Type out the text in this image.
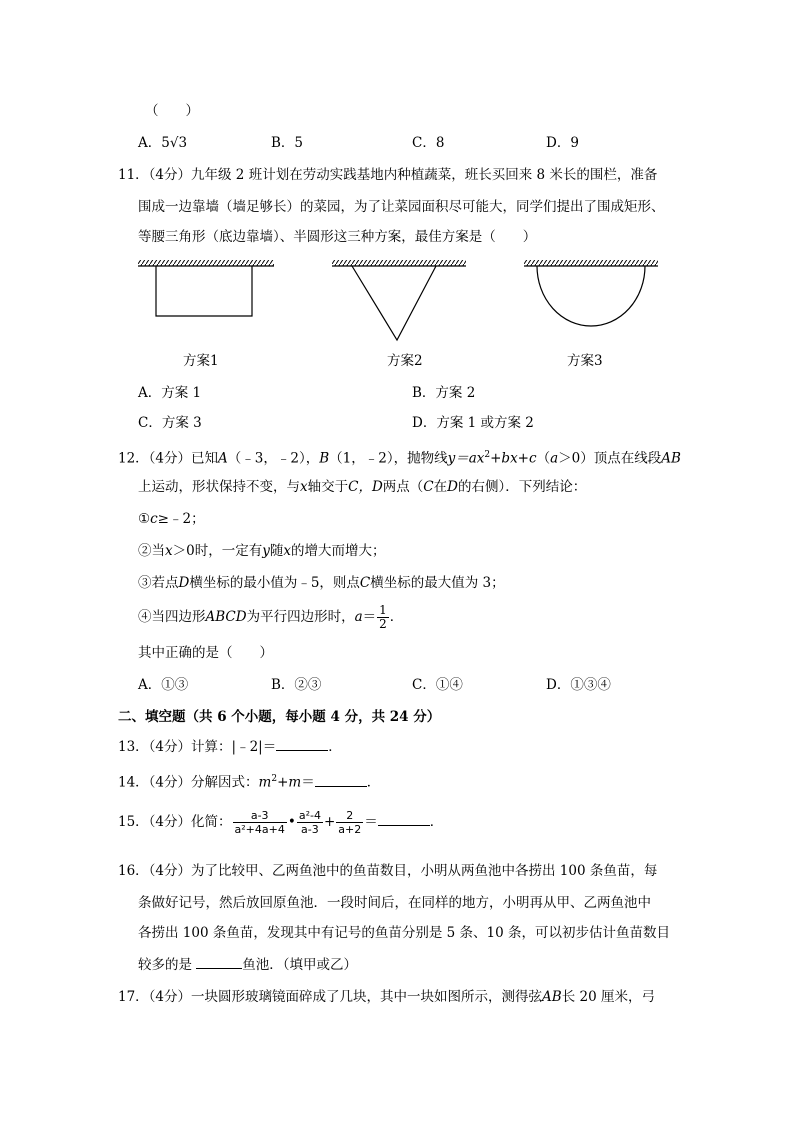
（　　）
A．5√3	B．5	C．8	D．9
11．（4分）九年级 2 班计划在劳动实践基地内种植蔬菜，班长买回来 8 米长的围栏，准备
围成一边靠墙（墙足够长）的菜园，为了让菜园面积尽可能大，同学们提出了围成矩形、
等腰三角形（底边靠墙）、半圆形这三种方案，最佳方案是（　　）
方案1	方案2	方案3
A．方案 1	B．方案 2
C．方案 3	D．方案 1 或方案 2
12．（4分）已知A（﹣3，﹣2），B（1，﹣2），抛物线$y=ax^2+bx+c(a>0)$顶点在线段AB
上运动，形状保持不变，与x轴交于C，D两点（C在D的右侧）．下列结论：
①c≥﹣2；
②当x＞0时，一定有y随x的增大而增大；
③若点D横坐标的最小值为﹣5，则点C横坐标的最大值为 3；
④当四边形ABCD为平行四边形时，$a= \frac{1}{2}$ ．
其中正确的是（　　）
A．①③	B．②③	C．①④	D．①③④
二、填空题（共 6 个小题，每小题 4 分，共 24 分）
13．（4分）计算：|﹣2|＝	．
14．（4分）分解因式：$m^2+m=$	．
15．（4分）化简： $\frac{a-3}{\text{a²+4a+4}}$ • $\frac{\text{a²-4}}{a-3} + \frac{2}{a+2}$ ＝	．
16．（4分）为了比较甲、乙两鱼池中的鱼苗数目，小明从两鱼池中各捞出 100 条鱼苗，每
条做好记号，然后放回原鱼池．一段时间后，在同样的地方，小明再从甲、乙两鱼池中
各捞出 100 条鱼苗，发现其中有记号的鱼苗分别是 5 条、10 条，可以初步估计鱼苗数目
较多的是	鱼池．（填甲或乙）
17．（4分）一块圆形玻璃镜面碎成了几块，其中一块如图所示，测得弦AB长 20 厘米，弓
